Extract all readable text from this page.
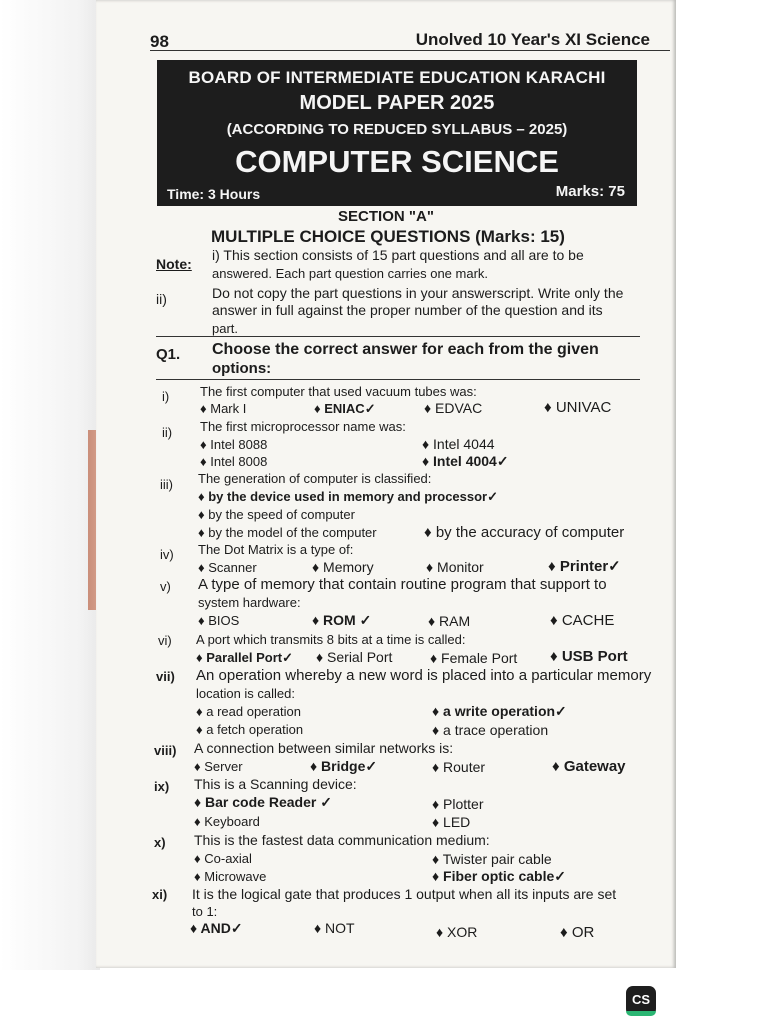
98	Unolved 10 Year's XI Science
BOARD OF INTERMEDIATE EDUCATION KARACHI
MODEL PAPER 2025
(ACCORDING TO REDUCED SYLLABUS – 2025)
COMPUTER SCIENCE
Time: 3 Hours	Marks: 75
SECTION "A"
MULTIPLE CHOICE QUESTIONS (Marks: 15)
Note:
i) This section consists of 15 part questions and all are to be
answered. Each part question carries one mark.
ii)	Do not copy the part questions in your answerscript. Write only the
answer in full against the proper number of the question and its
part.
Q1. Choose the correct answer for each from the given
options:
i) The first computer that used vacuum tubes was:
♦ Mark I	♦ ENIAC✓	♦ EDVAC	♦ UNIVAC
ii) The first microprocessor name was:
♦ Intel 8088	♦ Intel 4044
♦ Intel 8008	♦ Intel 4004✓
iii) The generation of computer is classified:
♦ by the device used in memory and processor✓
♦ by the speed of computer
♦ by the model of the computer	♦ by the accuracy of computer
iv) The Dot Matrix is a type of:
♦ Scanner	♦ Memory	♦ Monitor	♦ Printer✓
v) A type of memory that contain routine program that support to
system hardware:
♦ BIOS	♦ ROM ✓	♦ RAM	♦ CACHE
vi) A port which transmits 8 bits at a time is called:
♦ Parallel Port✓ ♦ Serial Port	♦ Female Port ♦ USB Port
vii) An operation whereby a new word is placed into a particular memory
location is called:
♦ a read operation	♦ a write operation✓
♦ a fetch operation	♦ a trace operation
viii) A connection between similar networks is:
♦ Server	♦ Bridge✓	♦ Router	♦ Gateway
ix) This is a Scanning device:
♦ Bar code Reader ✓	♦ Plotter
♦ Keyboard	♦ LED
x) This is the fastest data communication medium:
♦ Co-axial	♦ Twister pair cable
♦ Microwave	♦ Fiber optic cable✓
xi) It is the logical gate that produces 1 output when all its inputs are set
to 1:
♦ AND✓	♦ NOT	♦ XOR	♦ OR
CS
